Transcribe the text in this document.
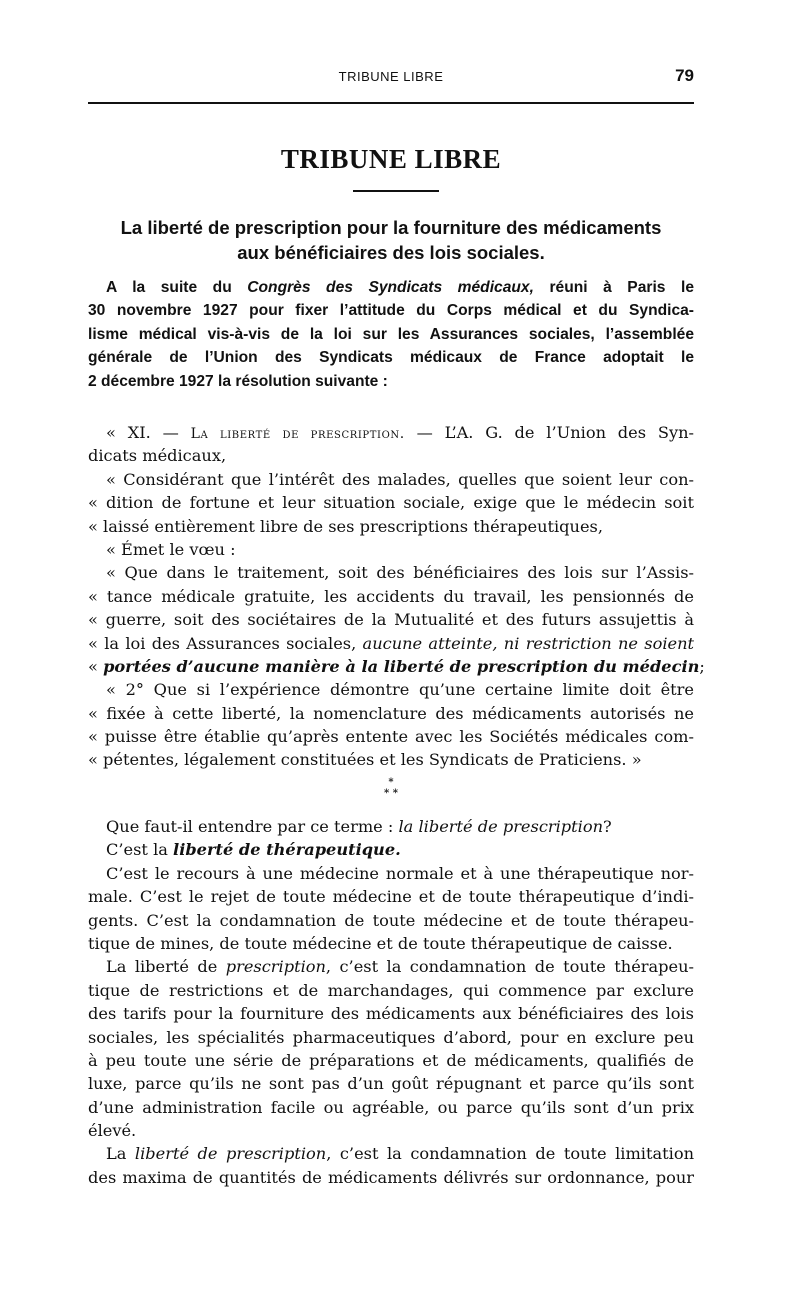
TRIBUNE LIBRE	79
TRIBUNE LIBRE
La liberté de prescription pour la fourniture des médicaments
aux bénéficiaires des lois sociales.
A la suite du Congrès des Syndicats médicaux, réuni à Paris le
30 novembre 1927 pour fixer l’attitude du Corps médical et du Syndica-
lisme médical vis-à-vis de la loi sur les Assurances sociales, l’assemblée
générale de l’Union des Syndicats médicaux de France adoptait le
2 décembre 1927 la résolution suivante :
« XI. — La liberté de prescription. — L’A. G. de l’Union des Syn-
dicats médicaux,
« Considérant que l’intérêt des malades, quelles que soient leur con-
« dition de fortune et leur situation sociale, exige que le médecin soit
« laissé entièrement libre de ses prescriptions thérapeutiques,
« Émet le vœu :
« Que dans le traitement, soit des bénéficiaires des lois sur l’Assis-
« tance médicale gratuite, les accidents du travail, les pensionnés de
« guerre, soit des sociétaires de la Mutualité et des futurs assujettis à
« la loi des Assurances sociales, aucune atteinte, ni restriction ne soient
« portées d’aucune manière à la liberté de prescription du médecin;
« 2° Que si l’expérience démontre qu’une certaine limite doit être
« fixée à cette liberté, la nomenclature des médicaments autorisés ne
« puisse être établie qu’après entente avec les Sociétés médicales com-
« pétentes, légalement constituées et les Syndicats de Praticiens. »
*
* *
Que faut-il entendre par ce terme : la liberté de prescription?
C’est la liberté de thérapeutique.
C’est le recours à une médecine normale et à une thérapeutique nor-
male. C’est le rejet de toute médecine et de toute thérapeutique d’indi-
gents. C’est la condamnation de toute médecine et de toute thérapeu-
tique de mines, de toute médecine et de toute thérapeutique de caisse.
La liberté de prescription, c’est la condamnation de toute thérapeu-
tique de restrictions et de marchandages, qui commence par exclure
des tarifs pour la fourniture des médicaments aux bénéficiaires des lois
sociales, les spécialités pharmaceutiques d’abord, pour en exclure peu
à peu toute une série de préparations et de médicaments, qualifiés de
luxe, parce qu’ils ne sont pas d’un goût répugnant et parce qu’ils sont
d’une administration facile ou agréable, ou parce qu’ils sont d’un prix
élevé.
La liberté de prescription, c’est la condamnation de toute limitation
des maxima de quantités de médicaments délivrés sur ordonnance, pour
